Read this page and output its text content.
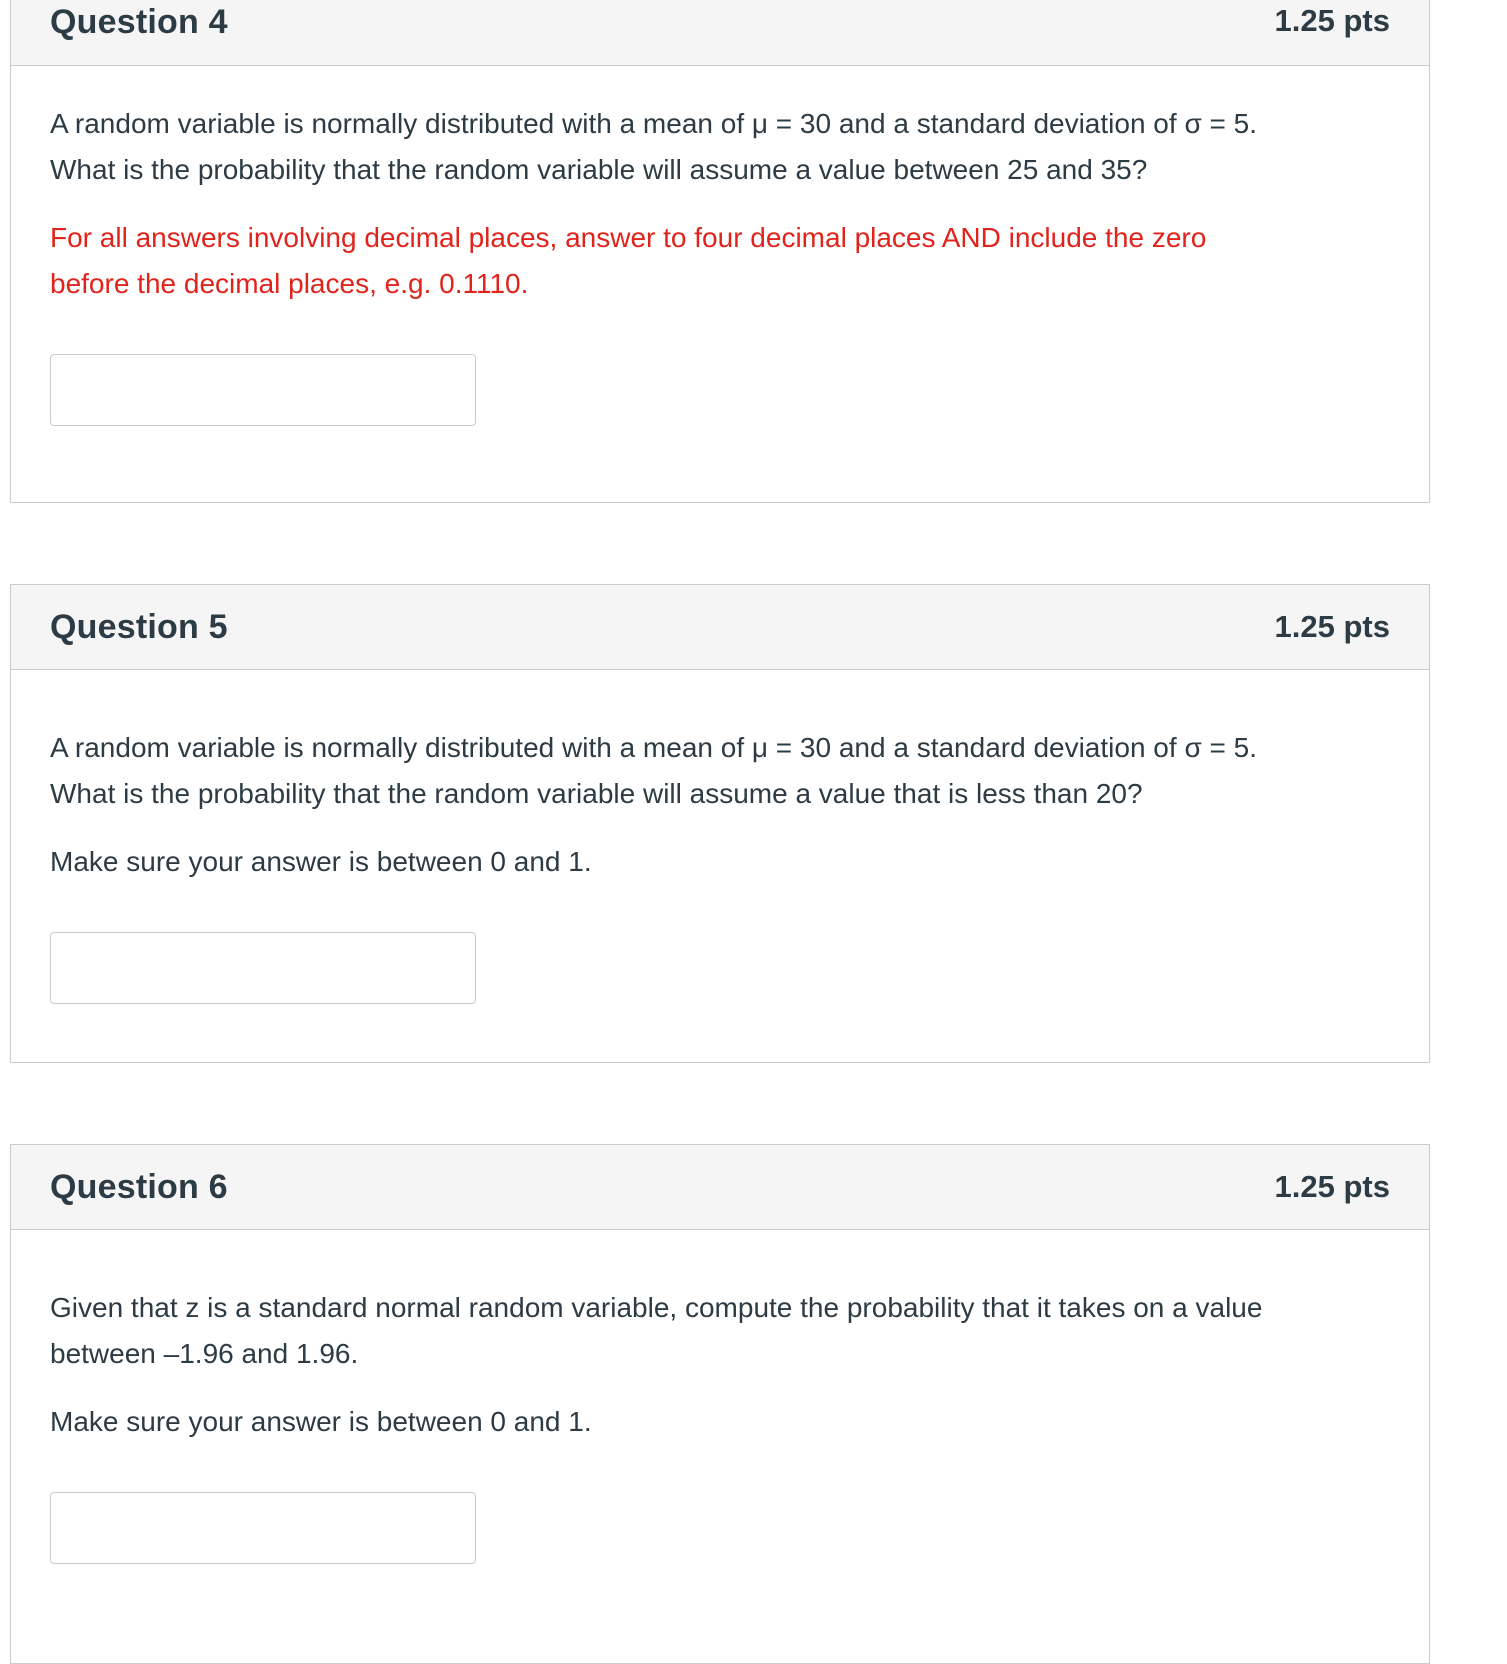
Question 4	1.25 pts

A random variable is normally distributed with a mean of μ = 30 and a standard deviation of σ = 5.
What is the probability that the random variable will assume a value between 25 and 35?

For all answers involving decimal places, answer to four decimal places AND include the zero
before the decimal places, e.g. 0.1110.

Question 5	1.25 pts

A random variable is normally distributed with a mean of μ = 30 and a standard deviation of σ = 5.
What is the probability that the random variable will assume a value that is less than 20?

Make sure your answer is between 0 and 1.

Question 6	1.25 pts

Given that z is a standard normal random variable, compute the probability that it takes on a value
between –1.96 and 1.96.

Make sure your answer is between 0 and 1.
